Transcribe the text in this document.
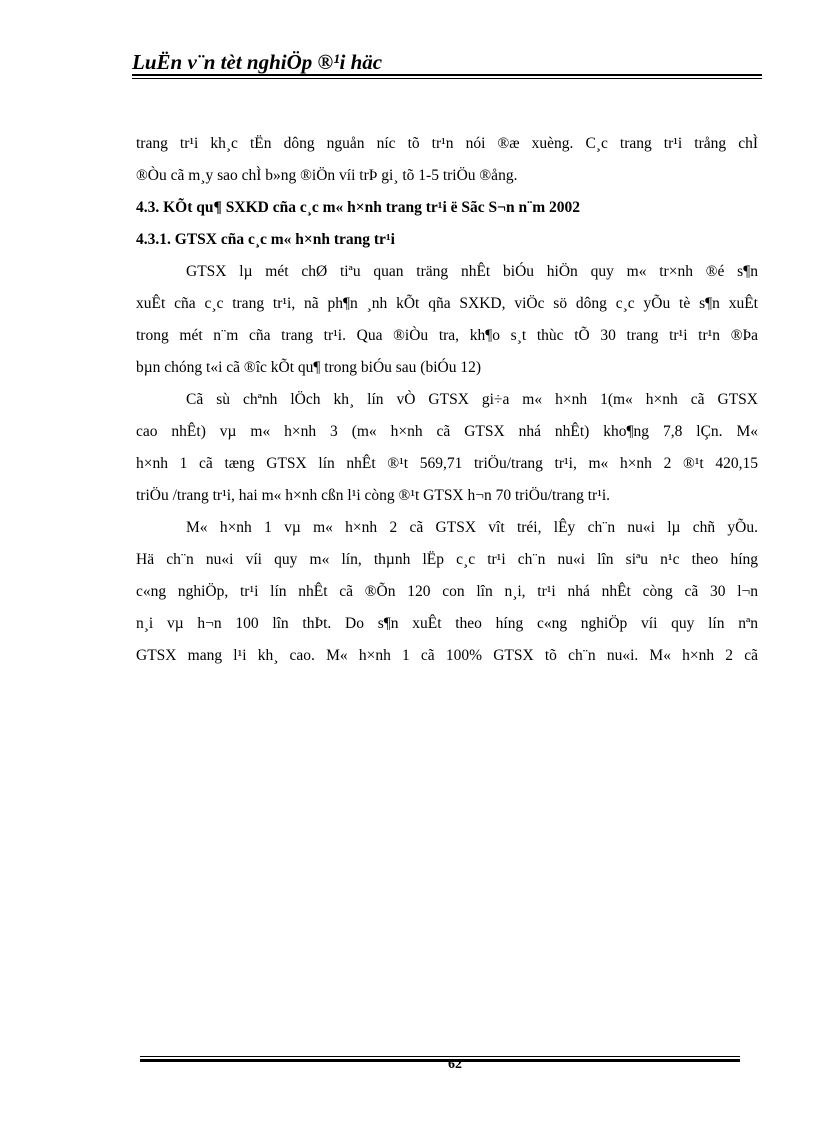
LuËn v¨n tèt nghiÖp ®¹i häc
trang tr¹i kh¸c tËn dông nguån níc tõ tr¹n nói ®æ xuèng. C¸c trang tr¹i trång chÌ
®Òu cã m¸y sao chÌ b»ng ®iÖn víi trÞ gi¸ tõ 1-5 triÖu ®ång.
4.3. KÕt qu¶ SXKD cña c¸c m« h×nh trang tr¹i ë Sãc S¬n n¨m 2002
4.3.1. GTSX cña c¸c m« h×nh trang tr¹i
GTSX lµ mét chØ tiªu quan träng nhÊt biÓu hiÖn quy m« tr×nh ®é s¶n
xuÊt cña c¸c trang tr¹i, nã ph¶n ¸nh kÕt qña SXKD, viÖc sö dông c¸c yÕu tè s¶n xuÊt
trong mét n¨m cña trang tr¹i. Qua ®iÒu tra, kh¶o s¸t thùc tÕ 30 trang tr¹i tr¹n ®Þa
bµn chóng t«i cã ®îc kÕt qu¶ trong biÓu sau (biÓu 12)
Cã sù chªnh lÖch kh¸ lín vÒ GTSX gi÷a m« h×nh 1(m« h×nh cã GTSX
cao nhÊt) vµ m« h×nh 3 (m« h×nh cã GTSX nhá nhÊt) kho¶ng 7,8 lÇn. M«
h×nh 1 cã tæng GTSX lín nhÊt ®¹t 569,71 triÖu/trang tr¹i, m« h×nh 2 ®¹t 420,15
triÖu /trang tr¹i, hai m« h×nh cßn l¹i còng ®¹t GTSX h¬n 70 triÖu/trang tr¹i.
M« h×nh 1 vµ m« h×nh 2 cã GTSX vît tréi, lÊy ch¨n nu«i lµ chñ yÕu.
Hä ch¨n nu«i víi quy m« lín, thµnh lËp c¸c tr¹i ch¨n nu«i lîn siªu n¹c theo híng
c«ng nghiÖp, tr¹i lín nhÊt cã ®Õn 120 con lîn n¸i, tr¹i nhá nhÊt còng cã 30 l¬n
n¸i vµ h¬n 100 lîn thÞt. Do s¶n xuÊt theo híng c«ng nghiÖp víi quy lín nªn
GTSX mang l¹i kh¸ cao. M« h×nh 1 cã 100% GTSX tõ ch¨n nu«i. M« h×nh 2 cã
62
